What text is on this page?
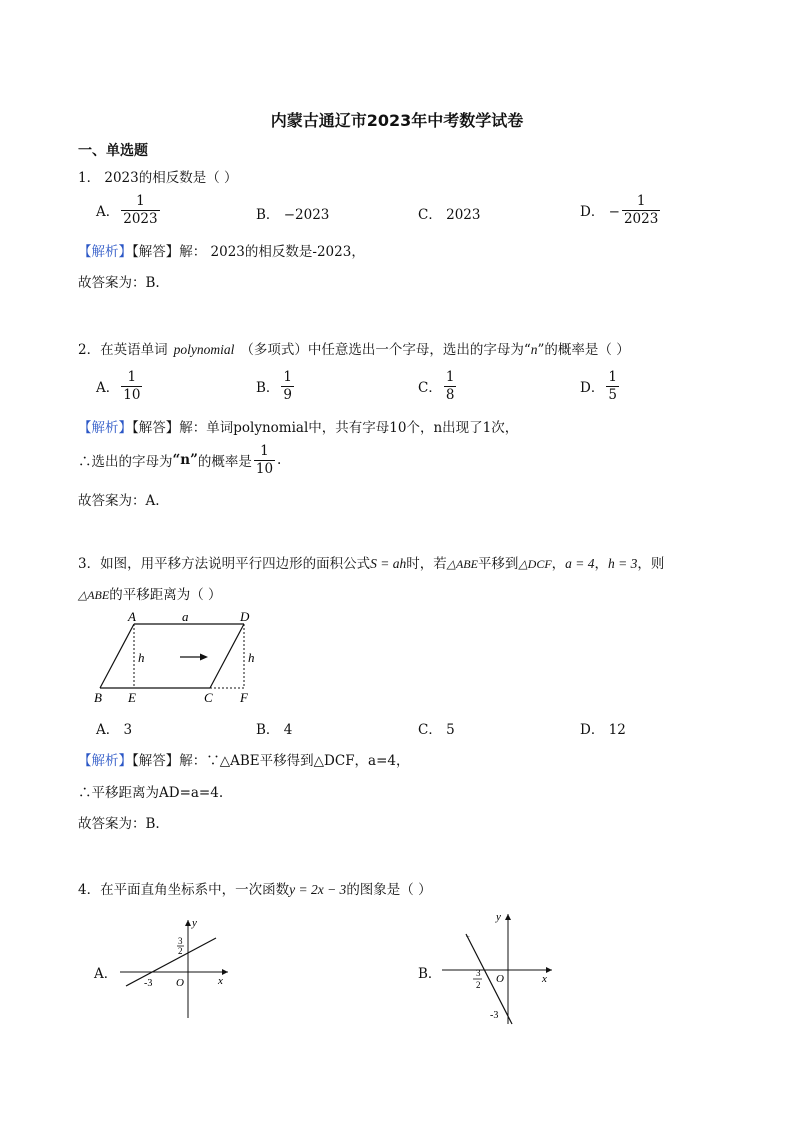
内蒙古通辽市2023年中考数学试卷
一、单选题
1． 2023的相反数是（ ）
A． $\frac{1}{2023}$	B． −2023	C． 2023	D． − $\frac{1}{2023}$
【解析】【解答】解： 2023的相反数是-2023，
故答案为：B.
2．在英语单词 polynomial （多项式）中任意选出一个字母，选出的字母为“n”的概率是（ ）
A． $\frac{1}{10}$	B． $\frac{1}{9}$	C． $\frac{1}{8}$	D． $\frac{1}{5}$
【解析】【解答】解：单词polynomial中，共有字母10个，n出现了1次，
∴选出的字母为 “n” 的概率是 $\frac{1}{10}$ .
故答案为：A.
3．如图，用平移方法说明平行四边形的面积公式S = ah时，若△ABE平移到△DCF，a = 4，h = 3，则
△ABE的平移距离为（ ）
A	a	D
h	h
B E	C F
A． 3	B． 4	C． 5	D． 12
【解析】【解答】解：∵△ABE平移得到△DCF，a=4，
∴平移距离为AD=a=4.
故答案为：B.
4．在平面直角坐标系中，一次函数y = 2x − 3的图象是（ ）
A．
y
x
O
-3
3
2
B．
y
x
O
3
2
−
-3
